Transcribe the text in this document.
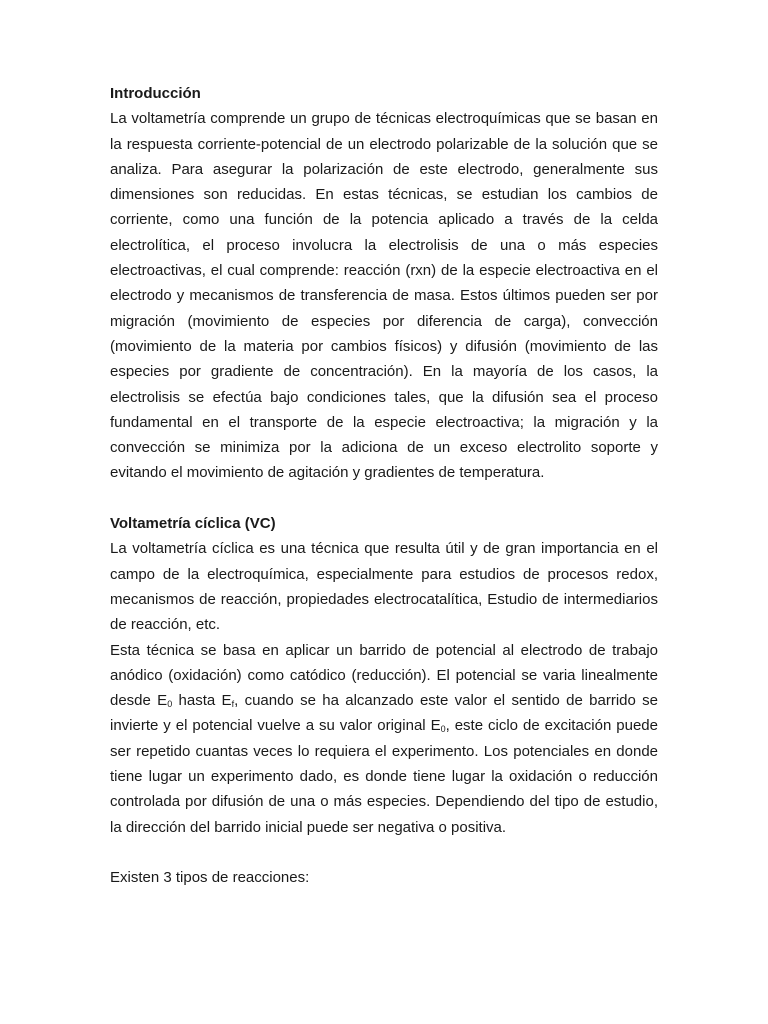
Introducción

La voltametría comprende un grupo de técnicas electroquímicas que se basan en la respuesta corriente-potencial de un electrodo polarizable de la solución que se analiza. Para asegurar la polarización de este electrodo, generalmente sus dimensiones son reducidas. En estas técnicas, se estudian los cambios de corriente, como una función de la potencia aplicado a través de la celda electrolítica, el proceso involucra la electrolisis de una o más especies electroactivas, el cual comprende: reacción (rxn) de la especie electroactiva en el electrodo y mecanismos de transferencia de masa. Estos últimos pueden ser por migración (movimiento de especies por diferencia de carga), convección (movimiento de la materia por cambios físicos) y difusión (movimiento de las especies por gradiente de concentración). En la mayoría de los casos, la electrolisis se efectúa bajo condiciones tales, que la difusión sea el proceso fundamental en el transporte de la especie electroactiva; la migración y la convección se minimiza por la adiciona de un exceso electrolito soporte y evitando el movimiento de agitación y gradientes de temperatura.

Voltametría cíclica (VC)

La voltametría cíclica es una técnica que resulta útil y de gran importancia en el campo de la electroquímica, especialmente para estudios de procesos redox, mecanismos de reacción, propiedades electrocatalítica, Estudio de intermediarios de reacción, etc.

Esta técnica se basa en aplicar un barrido de potencial al electrodo de trabajo anódico (oxidación) como catódico (reducción). El potencial se varia linealmente desde $E_0$ hasta $E_f$, cuando se ha alcanzado este valor el sentido de barrido se invierte y el potencial vuelve a su valor original $E_0$, este ciclo de excitación puede ser repetido cuantas veces lo requiera el experimento. Los potenciales en donde tiene lugar un experimento dado, es donde tiene lugar la oxidación o reducción controlada por difusión de una o más especies. Dependiendo del tipo de estudio, la dirección del barrido inicial puede ser negativa o positiva.

Existen 3 tipos de reacciones:
